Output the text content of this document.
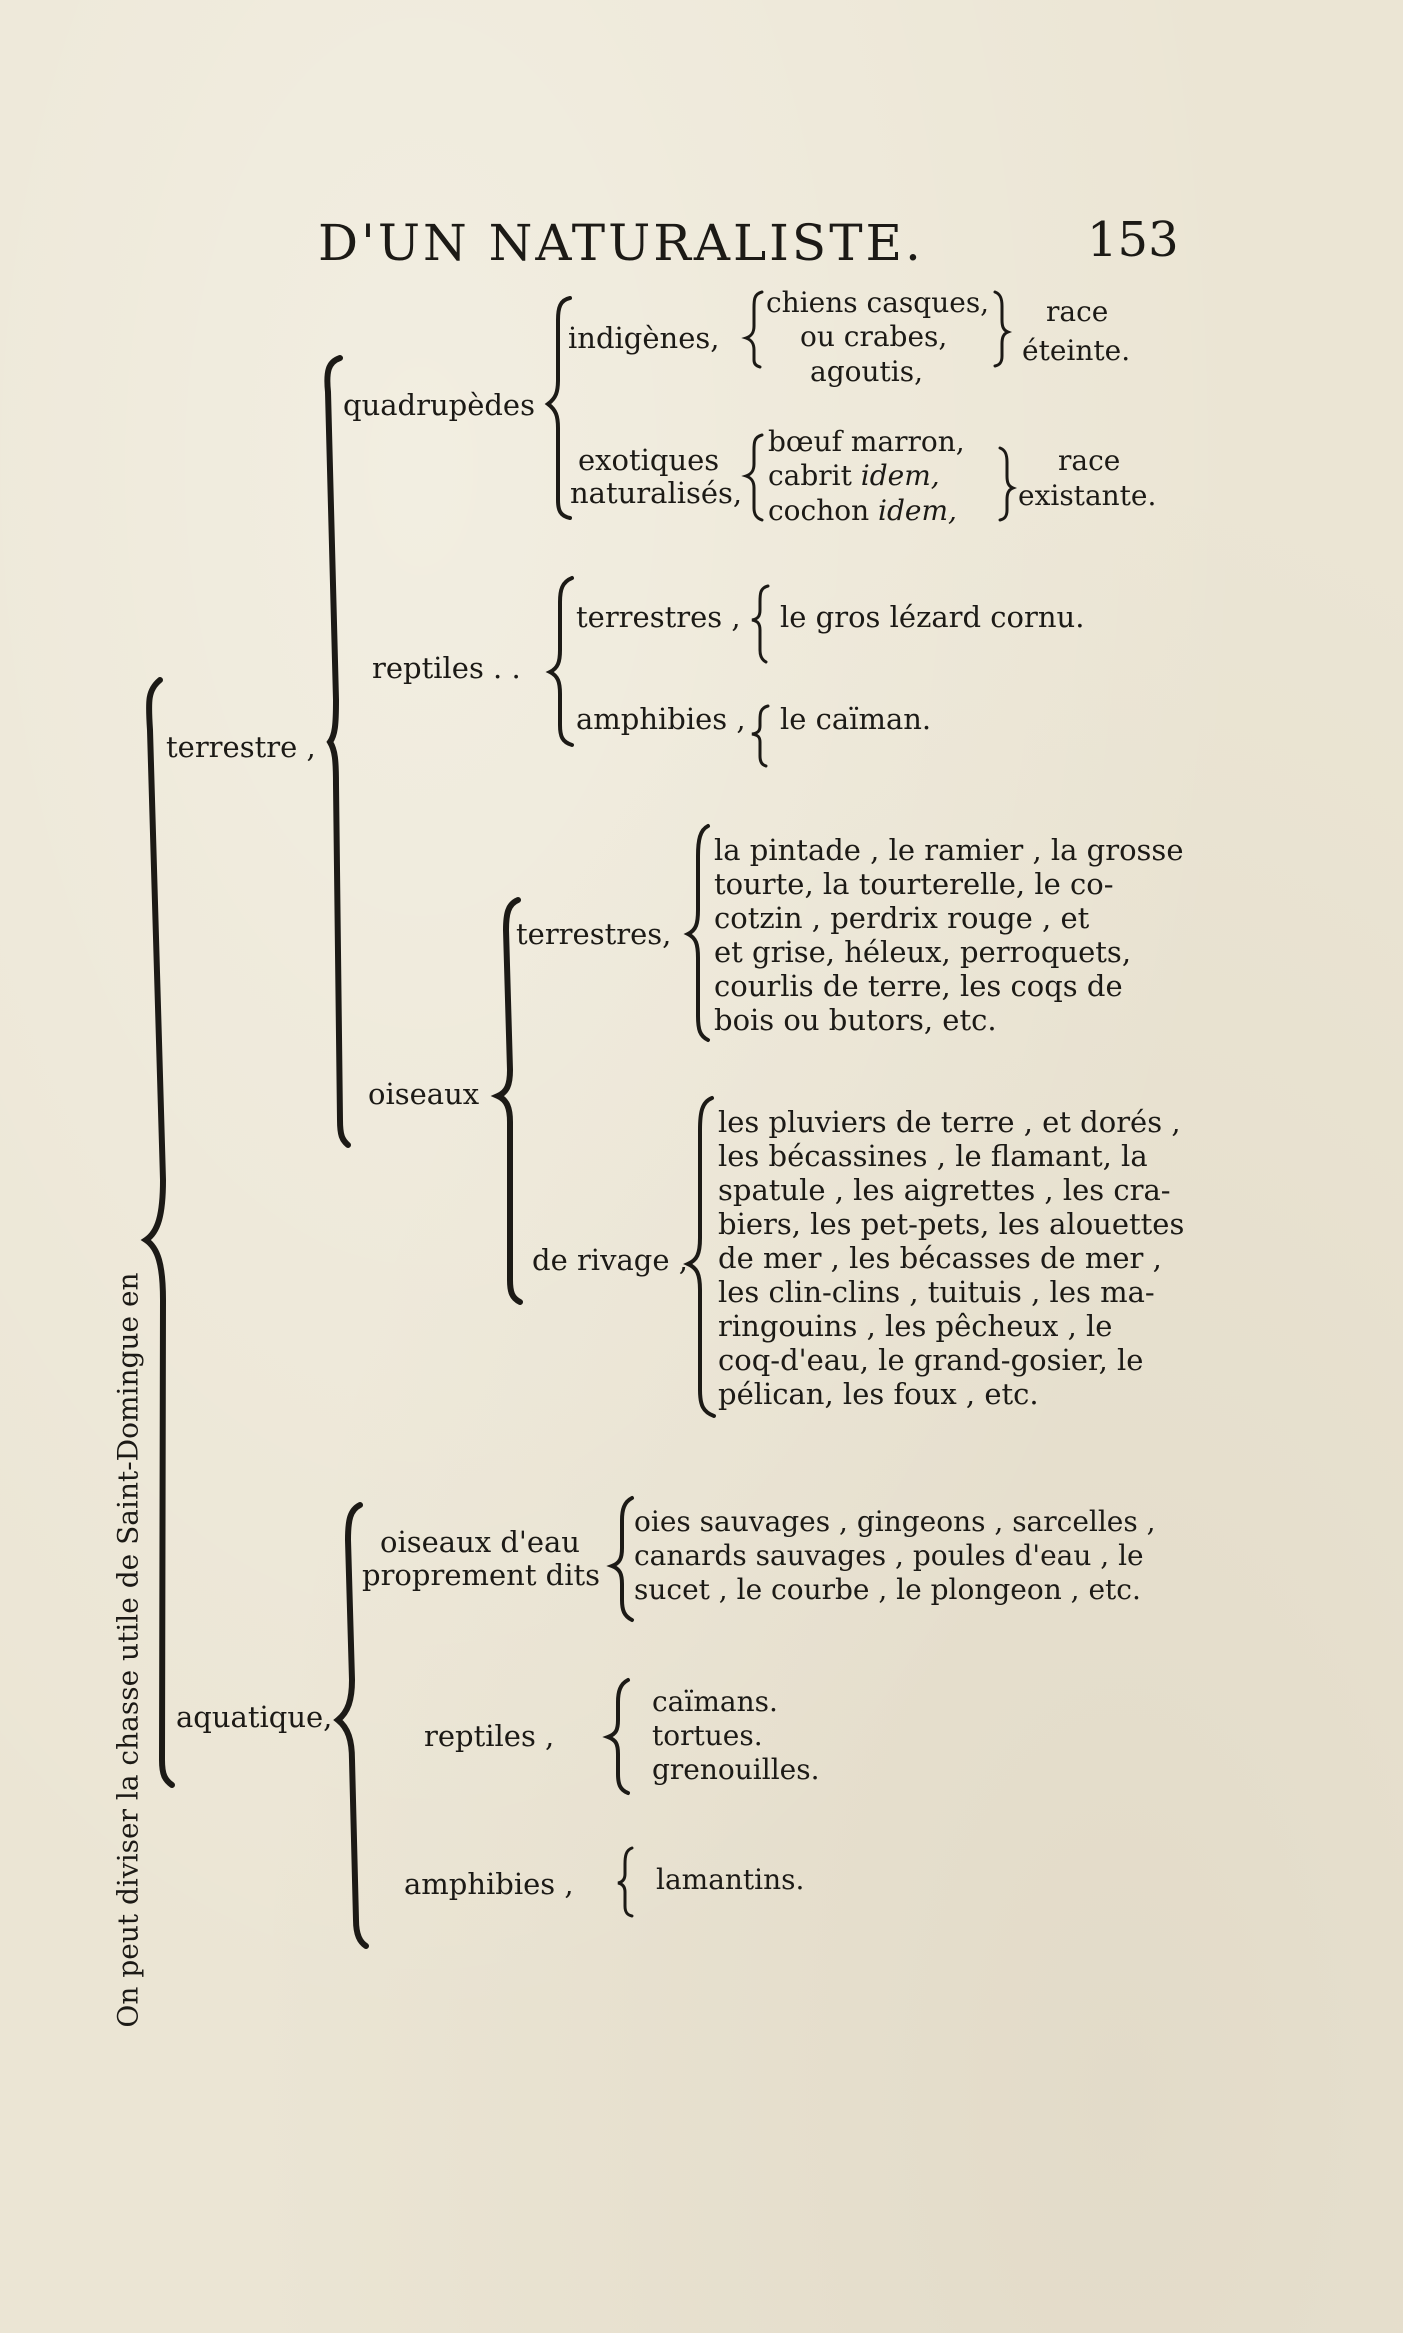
D'UN NATURALISTE.	153
On peut diviser la chasse utile de Saint-Domingue en
terrestre ,
quadrupèdes
indigènes,
chiens casques,
ou crabes,
agoutis,
race
éteinte.
exotiques
naturalisés,
bœuf marron,
cabrit idem,
cochon idem,
race
existante.
reptiles . .
terrestres , le gros lézard cornu.
amphibies , le caïman.
oiseaux
terrestres,
la pintade , le ramier , la grosse
tourte, la tourterelle, le co-
cotzin , perdrix rouge , et
et grise, héleux, perroquets,
courlis de terre, les coqs de
bois ou butors, etc.
de rivage ,
les pluviers de terre , et dorés ,
les bécassines , le flamant, la
spatule , les aigrettes , les cra-
biers, les pet-pets, les alouettes
de mer , les bécasses de mer ,
les clin-clins , tuituis , les ma-
ringouins , les pêcheux , le
coq-d'eau, le grand-gosier, le
pélican, les foux , etc.
aquatique,
oiseaux d'eau
proprement dits
oies sauvages , gingeons , sarcelles ,
canards sauvages , poules d'eau , le
sucet , le courbe , le plongeon , etc.
reptiles ,
caïmans.
tortues.
grenouilles.
amphibies ,	lamantins.
